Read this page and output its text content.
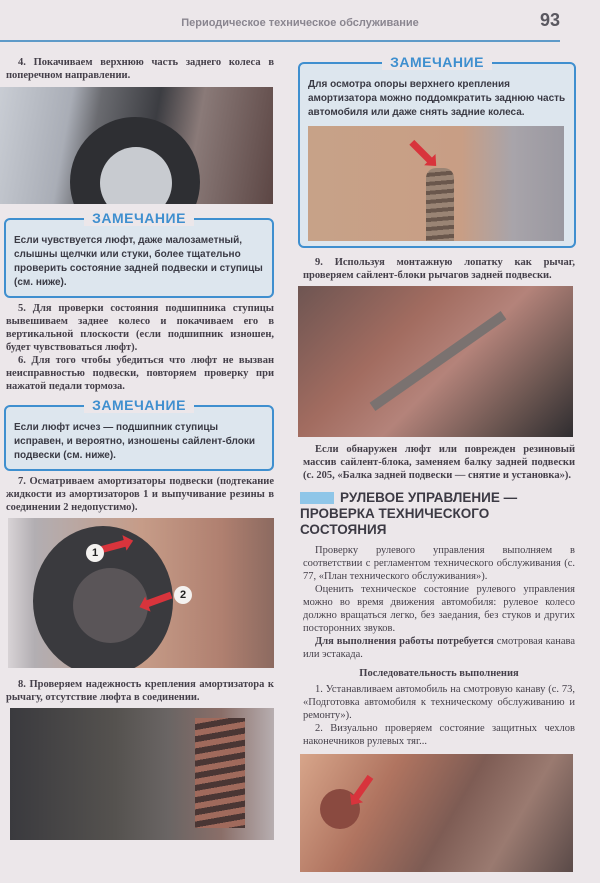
Периодическое техническое обслуживание	93
4. Покачиваем верхнюю часть заднего колеса в поперечном направлении.
ЗАМЕЧАНИЕ
Если чувствуется люфт, даже малозаметный, слышны щелчки или стуки, более тщательно проверить состояние задней подвески и ступицы (см. ниже).
5. Для проверки состояния подшипника ступицы вывешиваем заднее колесо и покачиваем его в вертикальной плоскости (если подшипник изношен, будет чувствоваться люфт).
6. Для того чтобы убедиться что люфт не вызван неисправностью подвески, повторяем проверку при нажатой педали тормоза.
ЗАМЕЧАНИЕ
Если люфт исчез — подшипник ступицы исправен, и вероятно, изношены сайлент-блоки подвески (см. ниже).
7. Осматриваем амортизаторы подвески (подтекание жидкости из амортизаторов 1 и выпучивание резины в соединении 2 недопустимо).
1
2
8. Проверяем надежность крепления амортизатора к рычагу, отсутствие люфта в соединении.
ЗАМЕЧАНИЕ
Для осмотра опоры верхнего крепления амортизатора можно поддомкратить заднюю часть автомобиля или даже снять задние колеса.
9. Используя монтажную лопатку как рычаг, проверяем сайлент-блоки рычагов задней подвески.
Если обнаружен люфт или поврежден резиновый массив сайлент-блока, заменяем балку задней подвески (с. 205, «Балка задней подвески — снятие и установка»).
РУЛЕВОЕ УПРАВЛЕНИЕ — ПРОВЕРКА ТЕХНИЧЕСКОГО СОСТОЯНИЯ
Проверку рулевого управления выполняем в соответствии с регламентом технического обслуживания (с. 77, «План технического обслуживания»).
Оценить техническое состояние рулевого управления можно во время движения автомобиля: рулевое колесо должно вращаться легко, без заедания, без стуков и других посторонних звуков.
Для выполнения работы потребуется смотровая канава или эстакада.
Последовательность выполнения
1. Устанавливаем автомобиль на смотровую канаву (с. 73, «Подготовка автомобиля к техническому обслуживанию и ремонту»).
2. Визуально проверяем состояние защитных чехлов наконечников рулевых тяг...
